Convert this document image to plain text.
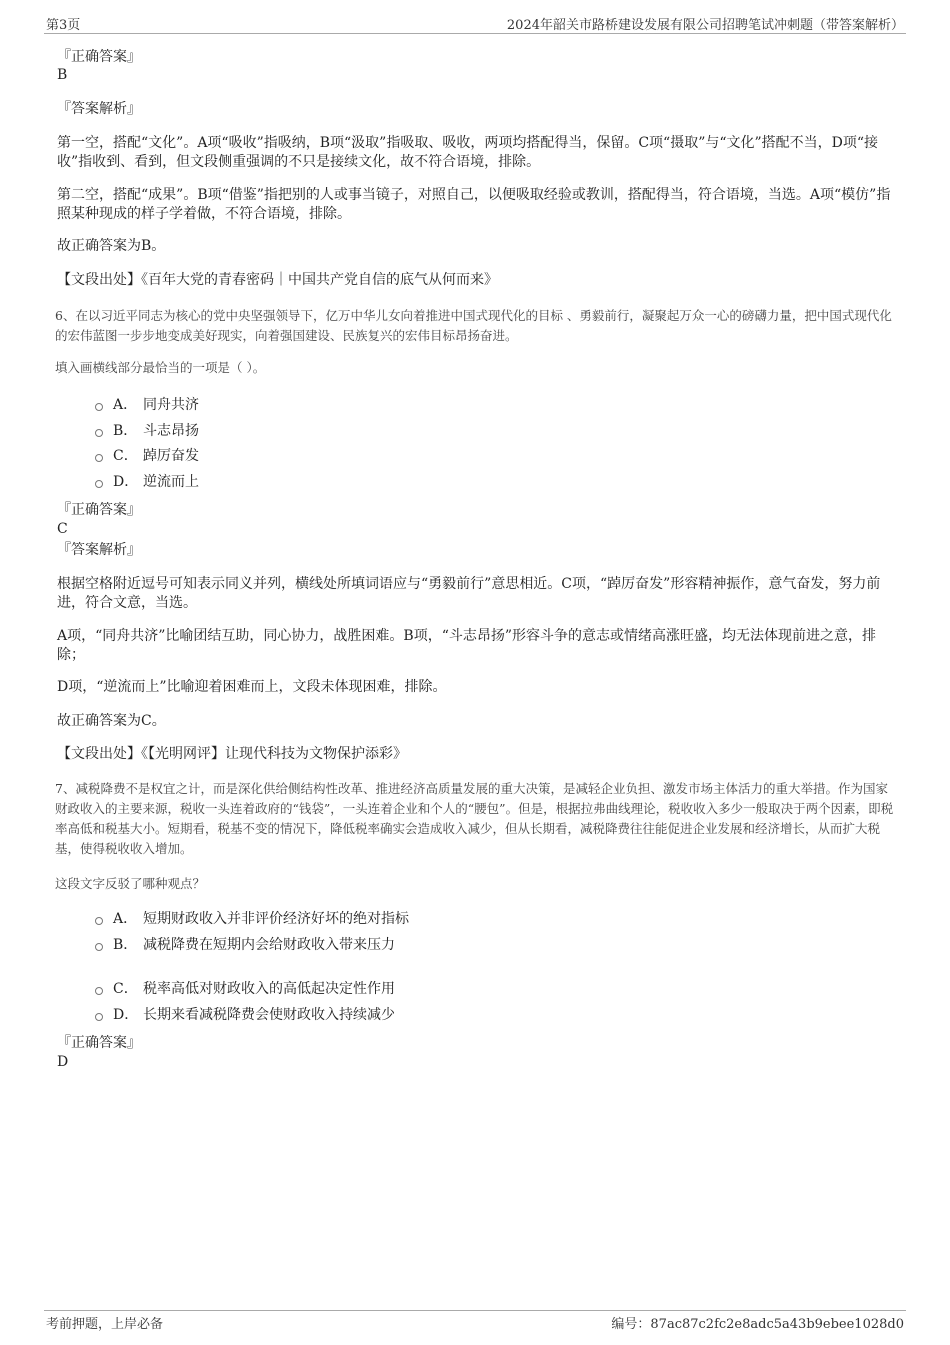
第3页	2024年韶关市路桥建设发展有限公司招聘笔试冲刺题（带答案解析）
『正确答案』
B
『答案解析』
第一空，搭配“文化”。A项“吸收”指吸纳，B项“汲取”指吸取、吸收，两项均搭配得当，保留。C项“摄取”与“文化”搭配不当，D项“接收”指收到、看到，但文段侧重强调的不只是接续文化，故不符合语境，排除。
第二空，搭配“成果”。B项“借鉴”指把别的人或事当镜子，对照自己，以便吸取经验或教训，搭配得当，符合语境，当选。A项“模仿”指照某种现成的样子学着做，不符合语境，排除。
故正确答案为B。
【文段出处】《百年大党的青春密码｜中国共产党自信的底气从何而来》
6、在以习近平同志为核心的党中央坚强领导下，亿万中华儿女向着推进中国式现代化的目标 、勇毅前行，凝聚起万众一心的磅礴力量，把中国式现代化的宏伟蓝图一步步地变成美好现实，向着强国建设、民族复兴的宏伟目标昂扬奋进。
填入画横线部分最恰当的一项是（ ）。
A． 同舟共济
B． 斗志昂扬
C． 踔厉奋发
D． 逆流而上
『正确答案』
C
『答案解析』
根据空格附近逗号可知表示同义并列，横线处所填词语应与“勇毅前行”意思相近。C项，“踔厉奋发”形容精神振作，意气奋发，努力前进，符合文意，当选。
A项，“同舟共济”比喻团结互助，同心协力，战胜困难。B项，“斗志昂扬”形容斗争的意志或情绪高涨旺盛，均无法体现前进之意，排除；
D项，“逆流而上”比喻迎着困难而上，文段未体现困难，排除。
故正确答案为C。
【文段出处】《【光明网评】让现代科技为文物保护添彩》
7、减税降费不是权宜之计，而是深化供给侧结构性改革、推进经济高质量发展的重大决策，是减轻企业负担、激发市场主体活力的重大举措。作为国家财政收入的主要来源，税收一头连着政府的“钱袋”，一头连着企业和个人的“腰包”。但是，根据拉弗曲线理论，税收收入多少一般取决于两个因素，即税率高低和税基大小。短期看，税基不变的情况下，降低税率确实会造成收入减少，但从长期看，减税降费往往能促进企业发展和经济增长，从而扩大税基，使得税收收入增加。
这段文字反驳了哪种观点？
A． 短期财政收入并非评价经济好坏的绝对指标
B． 减税降费在短期内会给财政收入带来压力
C． 税率高低对财政收入的高低起决定性作用
D． 长期来看减税降费会使财政收入持续减少
『正确答案』
D
考前押题，上岸必备	编号：87ac87c2fc2e8adc5a43b9ebee1028d0
